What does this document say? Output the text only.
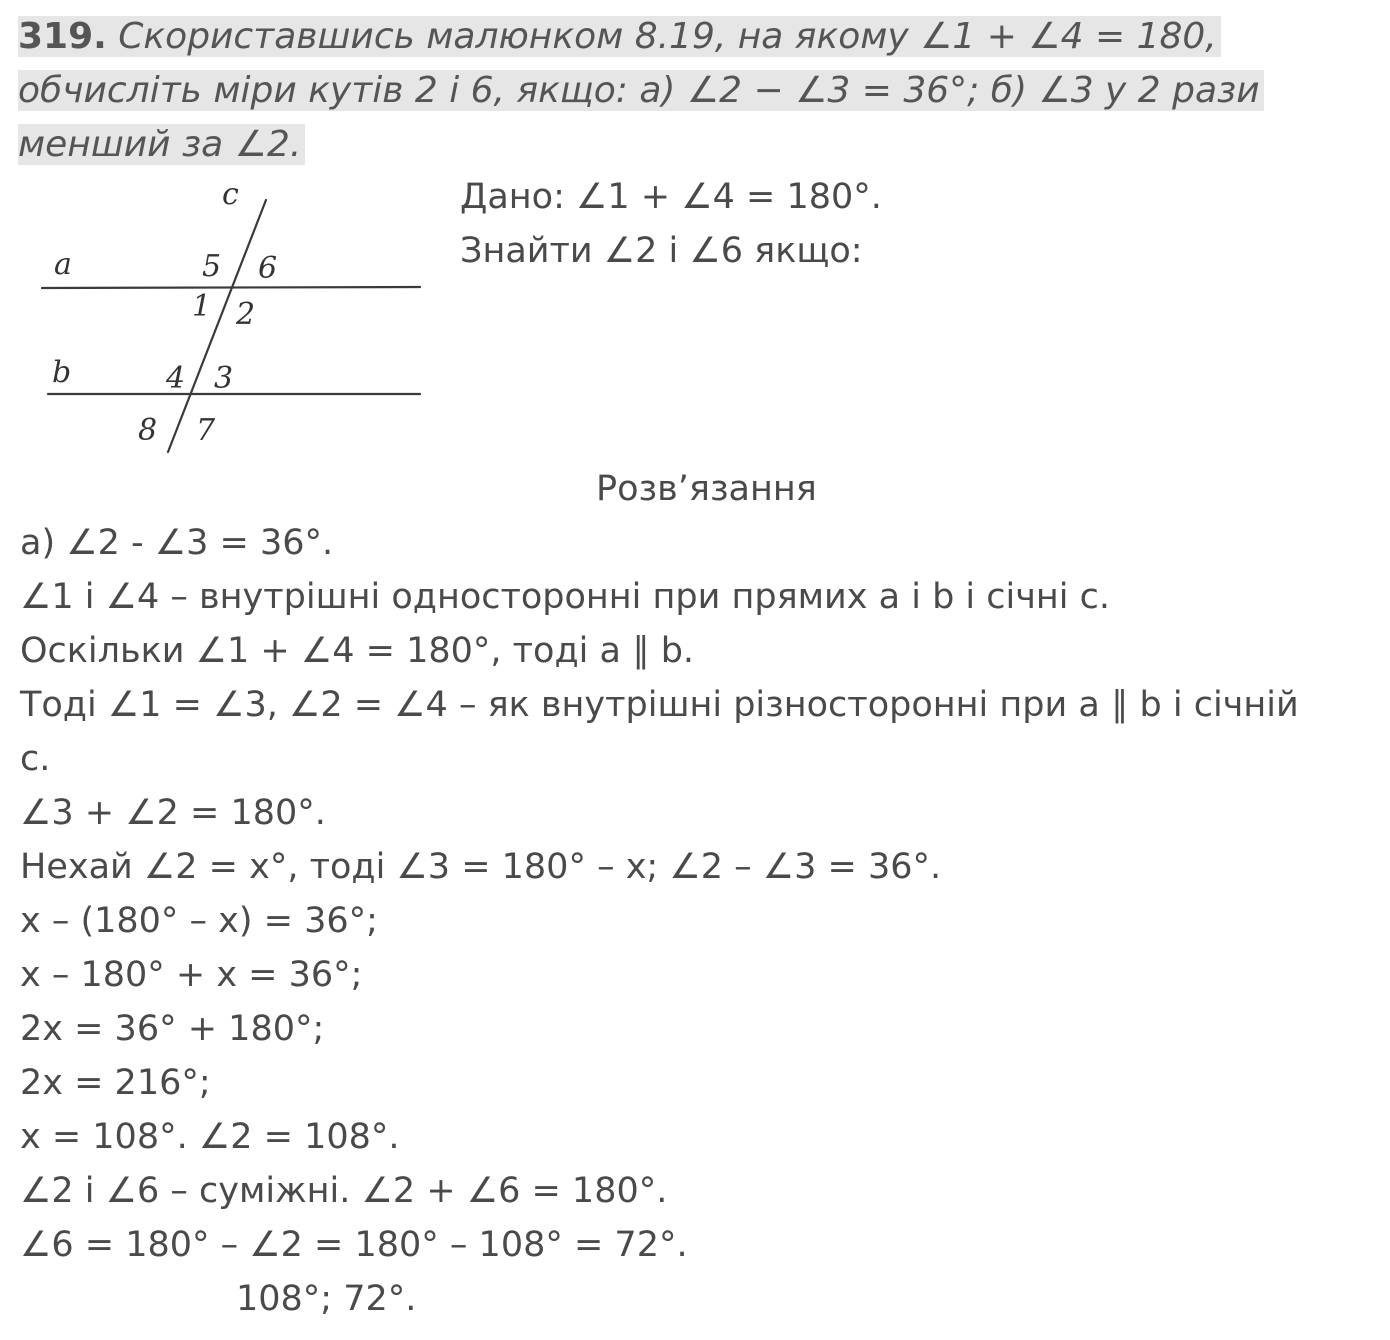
319. Скориставшись малюнком 8.19, на якому ∠1 + ∠4 = 180,
обчисліть міри кутів 2 і 6, якщо: а) ∠2 − ∠3 = 36°; б) ∠3 у 2 рази
менший за ∠2.
c
a
b
5 6
1 2
4 3
8 7
Дано: ∠1 + ∠4 = 180°.
Знайти ∠2 і ∠6 якщо:
Розв’язання
а) ∠2 - ∠3 = 36°.
∠1 і ∠4 – внутрішні односторонні при прямих a і b і січні c.
Оскільки ∠1 + ∠4 = 180°, тоді a ∥ b.
Тоді ∠1 = ∠3, ∠2 = ∠4 – як внутрішні різносторонні при a ∥ b і січній
c.
∠3 + ∠2 = 180°.
Нехай ∠2 = x°, тоді ∠3 = 180° – x; ∠2 – ∠3 = 36°.
x – (180° – x) = 36°;
x – 180° + x = 36°;
2x = 36° + 180°;
2x = 216°;
x = 108°. ∠2 = 108°.
∠2 і ∠6 – суміжні. ∠2 + ∠6 = 180°.
∠6 = 180° – ∠2 = 180° – 108° = 72°.
108°; 72°.
